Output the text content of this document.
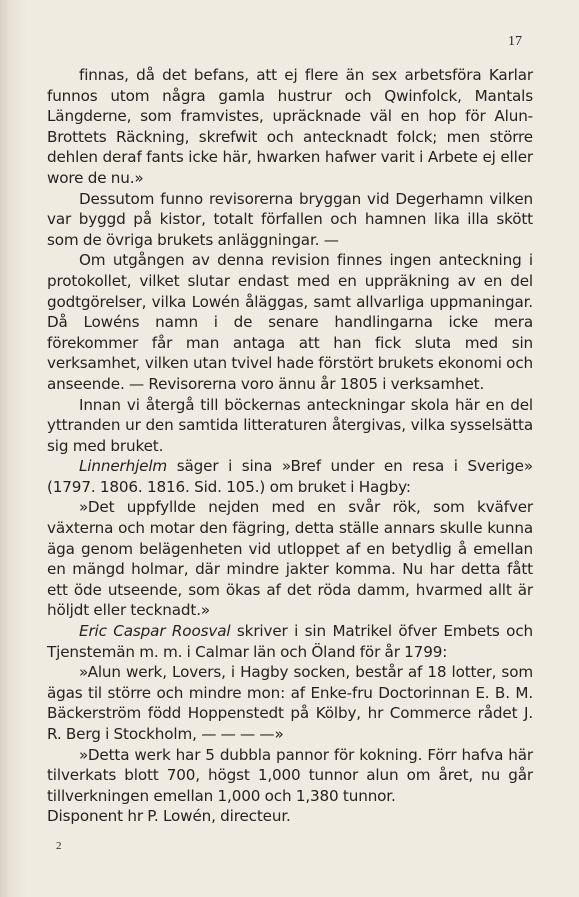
17

finnas, då det befans, att ej flere än sex arbetsföra Karlar funnos utom några gamla hustrur och Qwinfolck, Mantals Längderne, som framvistes, upräcknade väl en hop för Alun-Brottets Räckning, skrefwit och antecknadt folck; men större dehlen deraf fants icke här, hwarken hafwer varit i Arbete ej eller wore de nu.»

Dessutom funno revisorerna bryggan vid Degerhamn vilken var byggd på kistor, totalt förfallen och hamnen lika illa skött som de övriga brukets anläggningar. —

Om utgången av denna revision finnes ingen anteckning i protokollet, vilket slutar endast med en uppräkning av en del godtgörelser, vilka Lowén åläggas, samt allvarliga uppmaningar. Då Lowéns namn i de senare handlingarna icke mera förekommer får man antaga att han fick sluta med sin verksamhet, vilken utan tvivel hade förstört brukets ekonomi och anseende. — Revisorerna voro ännu år 1805 i verksamhet.

Innan vi återgå till böckernas anteckningar skola här en del yttranden ur den samtida litteraturen återgivas, vilka sysselsätta sig med bruket.

Linnerhjelm säger i sina »Bref under en resa i Sverige» (1797. 1806. 1816. Sid. 105.) om bruket i Hagby:

»Det uppfyllde nejden med en svår rök, som kväfver växterna och motar den fägring, detta ställe annars skulle kunna äga genom belägenheten vid utloppet af en betydlig å emellan en mängd holmar, där mindre jakter komma. Nu har detta fått ett öde utseende, som ökas af det röda damm, hvarmed allt är höljdt eller tecknadt.»

Eric Caspar Roosval skriver i sin Matrikel öfver Embets och Tjenstemän m. m. i Calmar län och Öland för år 1799:

»Alun werk, Lovers, i Hagby socken, består af 18 lotter, som ägas til större och mindre mon: af Enke-fru Doctorinnan E. B. M. Bäckerström född Hoppenstedt på Kölby, hr Commerce rådet J. R. Berg i Stockholm, — — — —»

»Detta werk har 5 dubbla pannor för kokning. Förr hafva här tilverkats blott 700, högst 1,000 tunnor alun om året, nu går tillverkningen emellan 1,000 och 1,380 tunnor.

Disponent hr P. Lowén, directeur.

2
